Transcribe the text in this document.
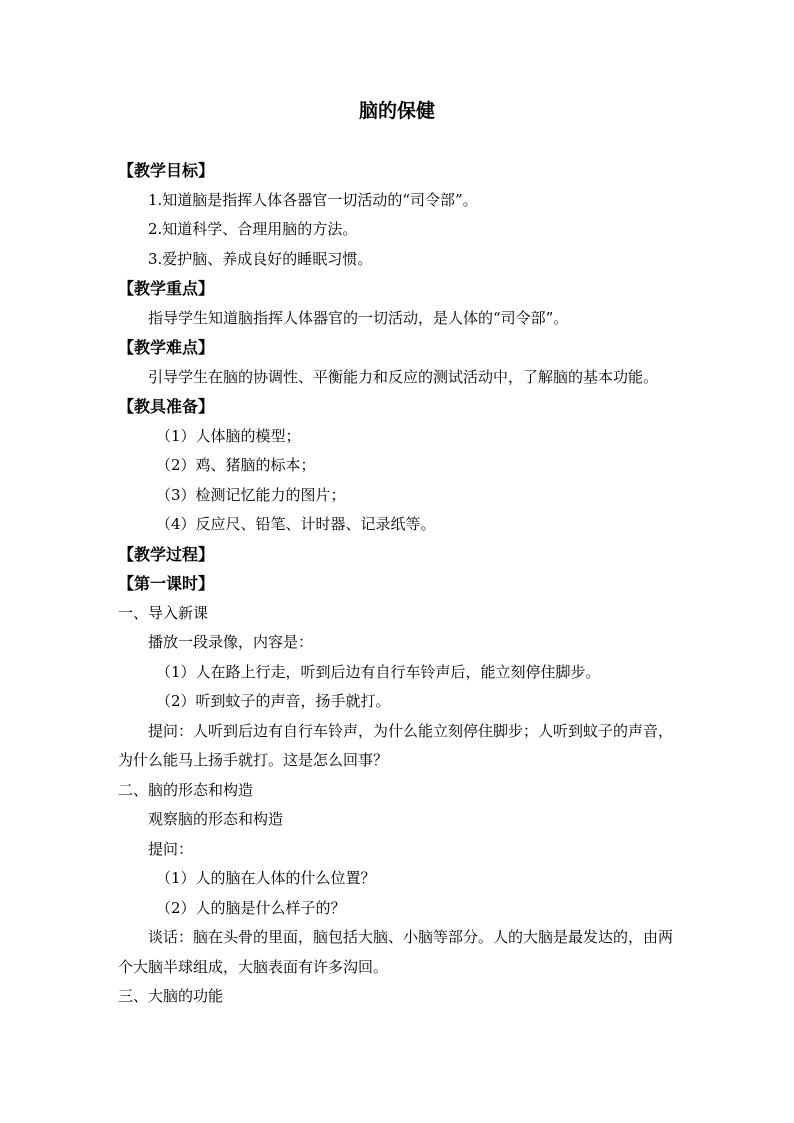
脑的保健

【教学目标】

1.知道脑是指挥人体各器官一切活动的“司令部”。

2.知道科学、合理用脑的方法。

3.爱护脑、养成良好的睡眠习惯。

【教学重点】

指导学生知道脑指挥人体器官的一切活动，是人体的“司令部”。

【教学难点】

引导学生在脑的协调性、平衡能力和反应的测试活动中，了解脑的基本功能。

【教具准备】

（1）人体脑的模型；

（2）鸡、猪脑的标本；

（3）检测记忆能力的图片；

（4）反应尺、铅笔、计时器、记录纸等。

【教学过程】

【第一课时】

一、导入新课

播放一段录像，内容是：

（1）人在路上行走，听到后边有自行车铃声后，能立刻停住脚步。

（2）听到蚊子的声音，扬手就打。

提问：人听到后边有自行车铃声，为什么能立刻停住脚步；人听到蚊子的声音，为什么能马上扬手就打。这是怎么回事？

二、脑的形态和构造

观察脑的形态和构造

提问：

（1）人的脑在人体的什么位置？

（2）人的脑是什么样子的？

谈话：脑在头骨的里面，脑包括大脑、小脑等部分。人的大脑是最发达的，由两个大脑半球组成，大脑表面有许多沟回。

三、大脑的功能
